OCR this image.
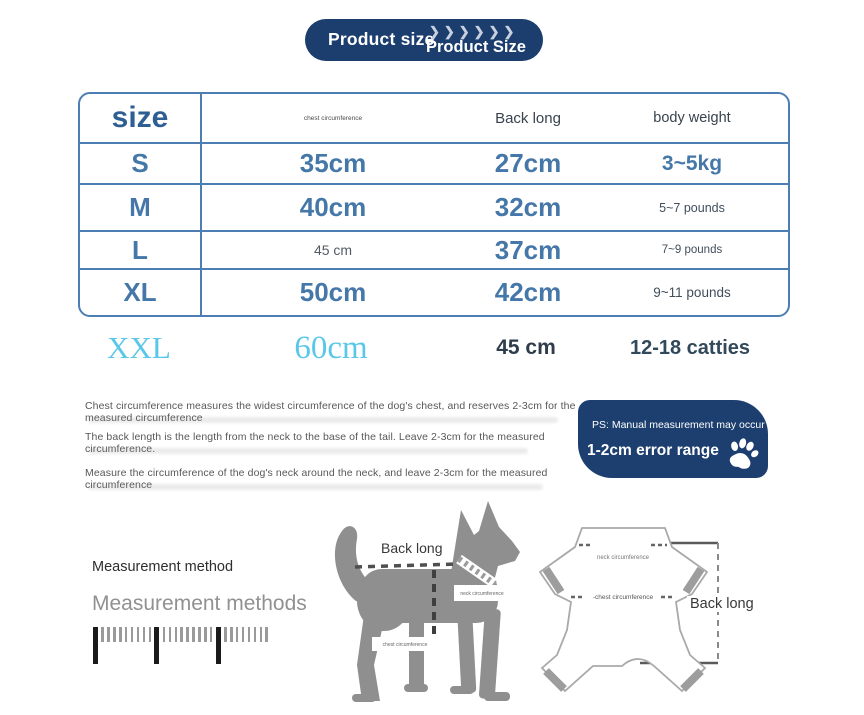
Product size
❯❯❯❯❯❯
Product Size
size	chest circumference	Back long	body weight
S	35cm	27cm	3~5kg
M	40cm	32cm	5~7 pounds
L	45 cm	37cm	7~9 pounds
XL	50cm	42cm	9~11 pounds
XXL	60cm	45 cm	12-18 catties
Chest circumference measures the widest circumference of the dog's chest, and reserves 2-3cm for the measured circumference
The back length is the length from the neck to the base of the tail. Leave 2-3cm for the measured circumference.
Measure the circumference of the dog's neck around the neck, and leave 2-3cm for the measured circumference
PS: Manual measurement may occur
1-2cm error range
Measurement method
Measurement methods	neck circumference
chest circumference
Back long
neck circumference
-chest circumference	Back long
